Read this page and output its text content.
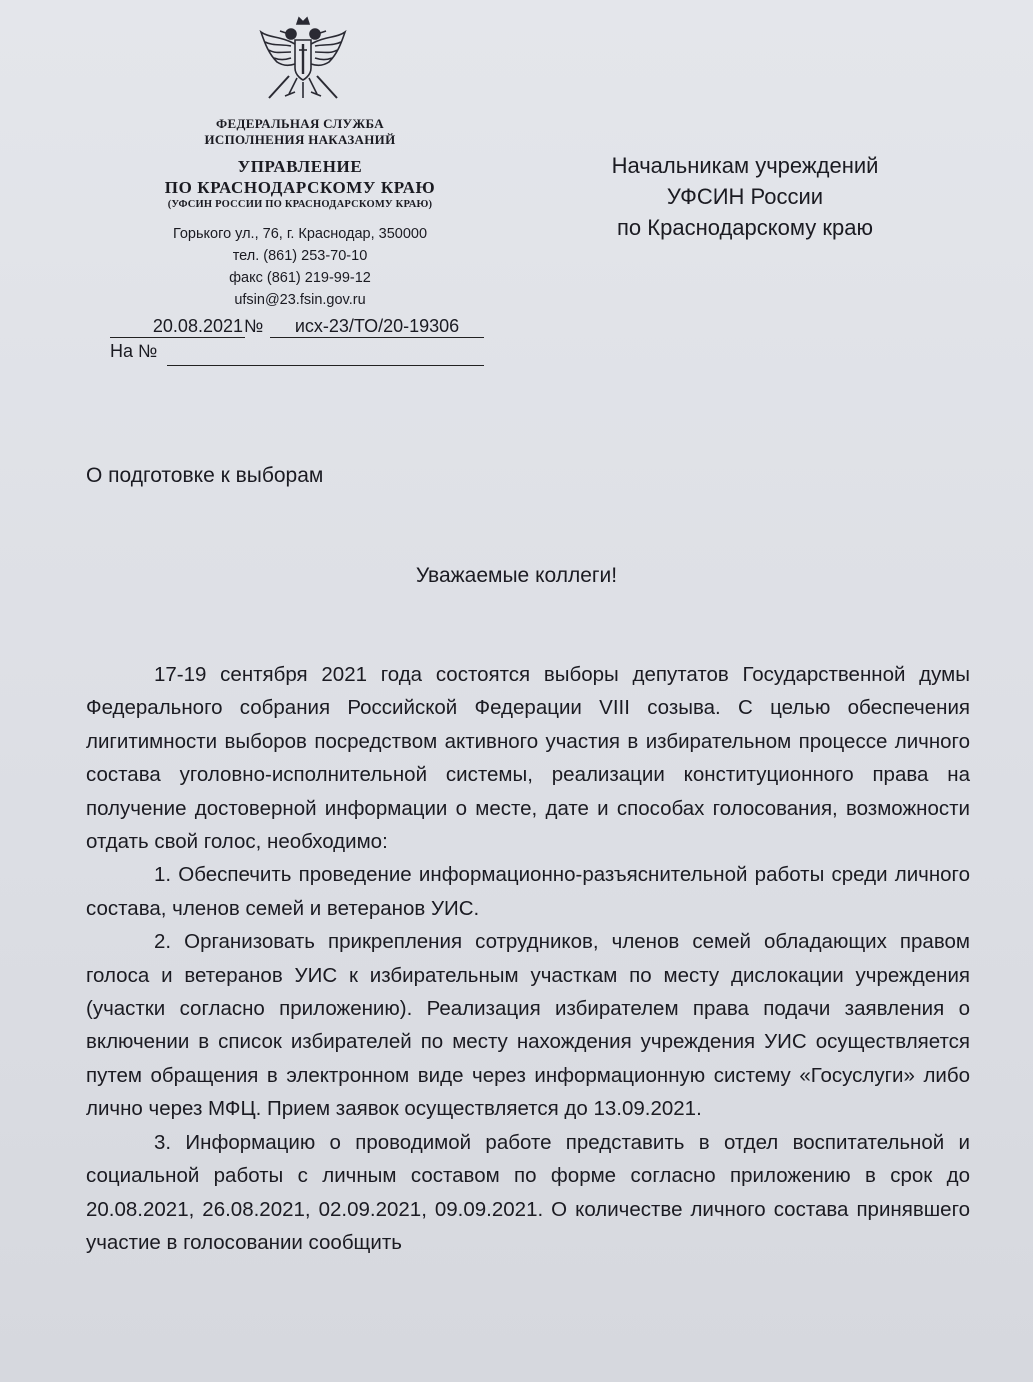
ФЕДЕРАЛЬНАЯ СЛУЖБА
ИСПОЛНЕНИЯ НАКАЗАНИЙ
УПРАВЛЕНИЕ
ПО КРАСНОДАРСКОМУ КРАЮ
(УФСИН РОССИИ ПО КРАСНОДАРСКОМУ КРАЮ)
Горького ул., 76, г. Краснодар, 350000
тел. (861) 253-70-10
факс (861) 219-99-12
ufsin@23.fsin.gov.ru
20.08.2021 №	исх-23/ТО/20-19306
На №
Начальникам учреждений
УФСИН России
по Краснодарскому краю
О подготовке к выборам
Уважаемые коллеги!

17-19 сентября 2021 года состоятся выборы депутатов Государственной думы Федерального собрания Российской Федерации VIII созыва. С целью обеспечения лигитимности выборов посредством активного участия в избирательном процессе личного состава уголовно-исполнительной системы, реализации конституционного права на получение достоверной информации о месте, дате и способах голосования, возможности отдать свой голос, необходимо:

1. Обеспечить проведение информационно-разъяснительной работы среди личного состава, членов семей и ветеранов УИС.

2. Организовать прикрепления сотрудников, членов семей обладающих правом голоса и ветеранов УИС к избирательным участкам по месту дислокации учреждения (участки согласно приложению). Реализация избирателем права подачи заявления о включении в список избирателей по месту нахождения учреждения УИС осуществляется путем обращения в электронном виде через информационную систему «Госуслуги» либо лично через МФЦ. Прием заявок осуществляется до 13.09.2021.

3. Информацию о проводимой работе представить в отдел воспитательной и социальной работы с личным составом по форме согласно приложению в срок до 20.08.2021, 26.08.2021, 02.09.2021, 09.09.2021. О количестве личного состава принявшего участие в голосовании сообщить
